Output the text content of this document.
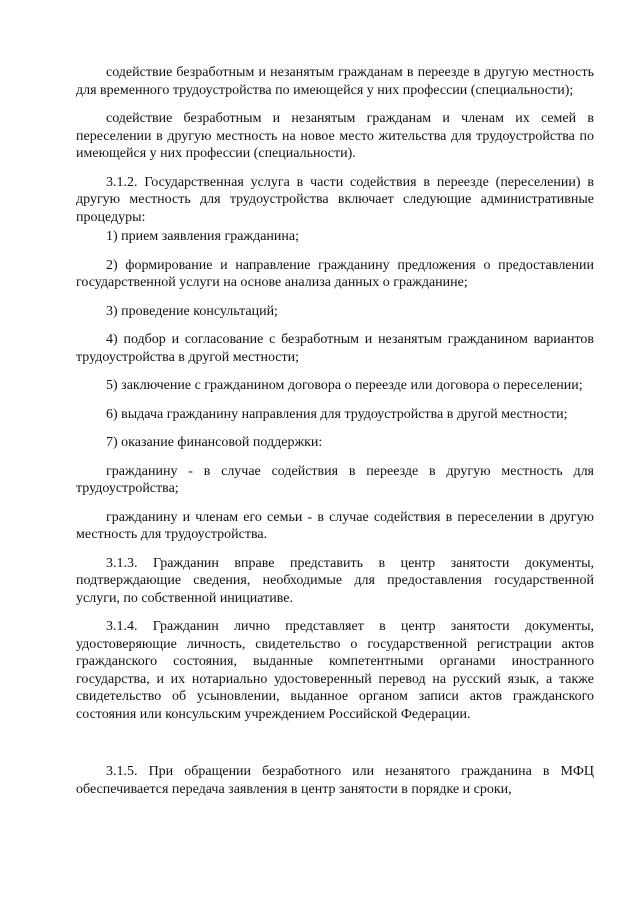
содействие безработным и незанятым гражданам в переезде в другую местность для временного трудоустройства по имеющейся у них профессии (специальности);

содействие безработным и незанятым гражданам и членам их семей в переселении в другую местность на новое место жительства для трудоустройства по имеющейся у них профессии (специальности).

3.1.2. Государственная услуга в части содействия в переезде (переселении) в другую местность для трудоустройства включает следующие административные процедуры:

1) прием заявления гражданина;

2) формирование и направление гражданину предложения о предоставлении государственной услуги на основе анализа данных о гражданине;

3) проведение консультаций;

4) подбор и согласование с безработным и незанятым гражданином вариантов трудоустройства в другой местности;

5) заключение с гражданином договора о переезде или договора о переселении;

6) выдача гражданину направления для трудоустройства в другой местности;

7) оказание финансовой поддержки:

гражданину - в случае содействия в переезде в другую местность для трудоустройства;

гражданину и членам его семьи - в случае содействия в переселении в другую местность для трудоустройства.

3.1.3. Гражданин вправе представить в центр занятости документы, подтверждающие сведения, необходимые для предоставления государственной услуги, по собственной инициативе.

3.1.4. Гражданин лично представляет в центр занятости документы, удостоверяющие личность, свидетельство о государственной регистрации актов гражданского состояния, выданные компетентными органами иностранного государства, и их нотариально удостоверенный перевод на русский язык, а также свидетельство об усыновлении, выданное органом записи актов гражданского состояния или консульским учреждением Российской Федерации.

3.1.5. При обращении безработного или незанятого гражданина в МФЦ обеспечивается передача заявления в центр занятости в порядке и сроки,
